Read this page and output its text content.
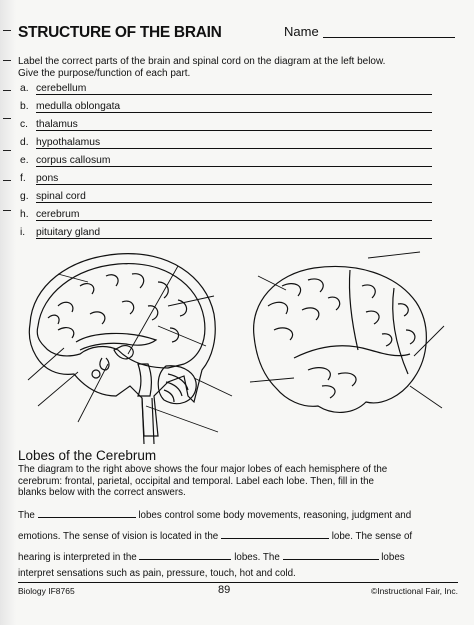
STRUCTURE OF THE BRAIN	Name
Label the correct parts of the brain and spinal cord on the diagram at the left below.
Give the purpose/function of each part.
a. cerebellum
b. medulla oblongata
c. thalamus
d. hypothalamus
e. corpus callosum
f. pons
g. spinal cord
h. cerebrum
i. pituitary gland
Lobes of the Cerebrum
The diagram to the right above shows the four major lobes of each hemisphere of the
cerebrum: frontal, parietal, occipital and temporal. Label each lobe. Then, fill in the
blanks below with the correct answers.
The	lobes control some body movements, reasoning, judgment and
emotions. The sense of vision is located in the	lobe. The sense of
hearing is interpreted in the	lobes. The	lobes
interpret sensations such as pain, pressure, touch, hot and cold.
Biology IF8765	89	©Instructional Fair, Inc.
